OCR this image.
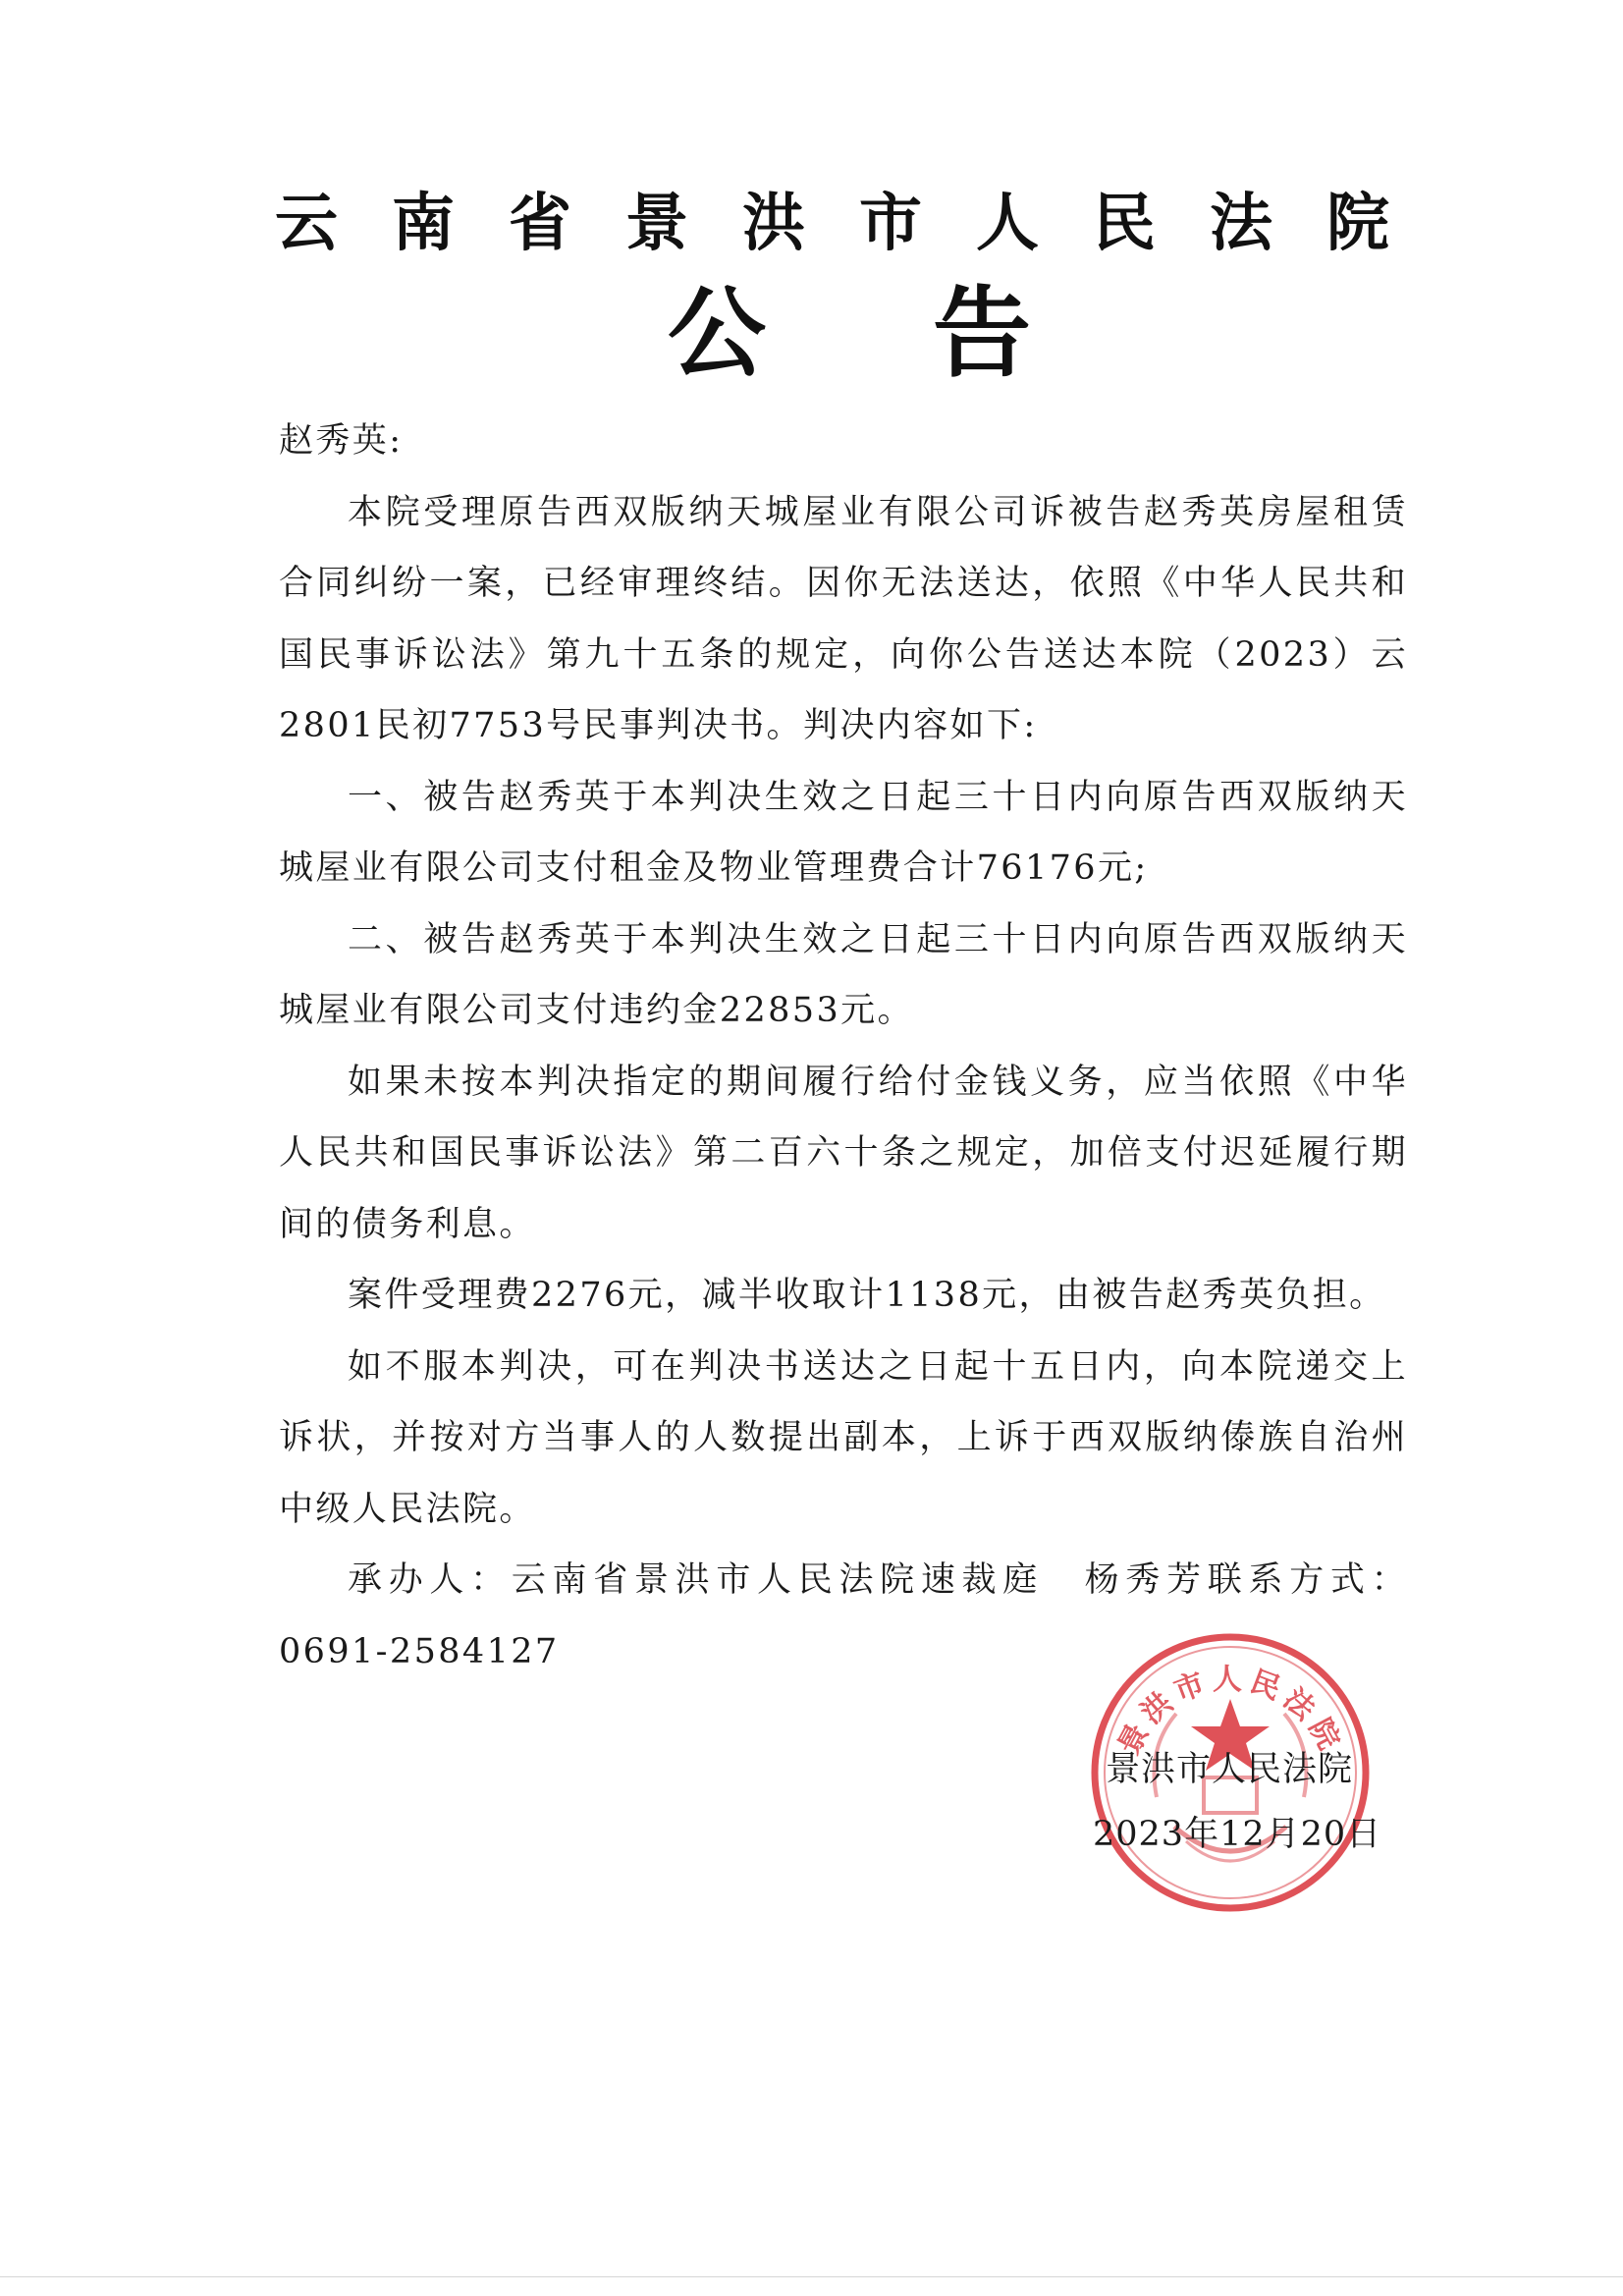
云南省景洪市人民法院
公告

赵秀英:

本院受理原告西双版纳天城屋业有限公司诉被告赵秀英房屋租赁合同纠纷一案，已经审理终结。因你无法送达，依照《中华人民共和国民事诉讼法》第九十五条的规定，向你公告送达本院（2023）云2801民初7753号民事判决书。判决内容如下:

一、被告赵秀英于本判决生效之日起三十日内向原告西双版纳天城屋业有限公司支付租金及物业管理费合计76176元;

二、被告赵秀英于本判决生效之日起三十日内向原告西双版纳天城屋业有限公司支付违约金22853元。

如果未按本判决指定的期间履行给付金钱义务，应当依照《中华人民共和国民事诉讼法》第二百六十条之规定，加倍支付迟延履行期间的债务利息。

案件受理费2276元，减半收取计1138元，由被告赵秀英负担。

如不服本判决，可在判决书送达之日起十五日内，向本院递交上诉状，并按对方当事人的人数提出副本，上诉于西双版纳傣族自治州中级人民法院。

承办人：云南省景洪市人民法院速裁庭　杨秀芳联系方式：0691-2584127

景洪市人民法院
景洪市人民法院
2023年12月20日
